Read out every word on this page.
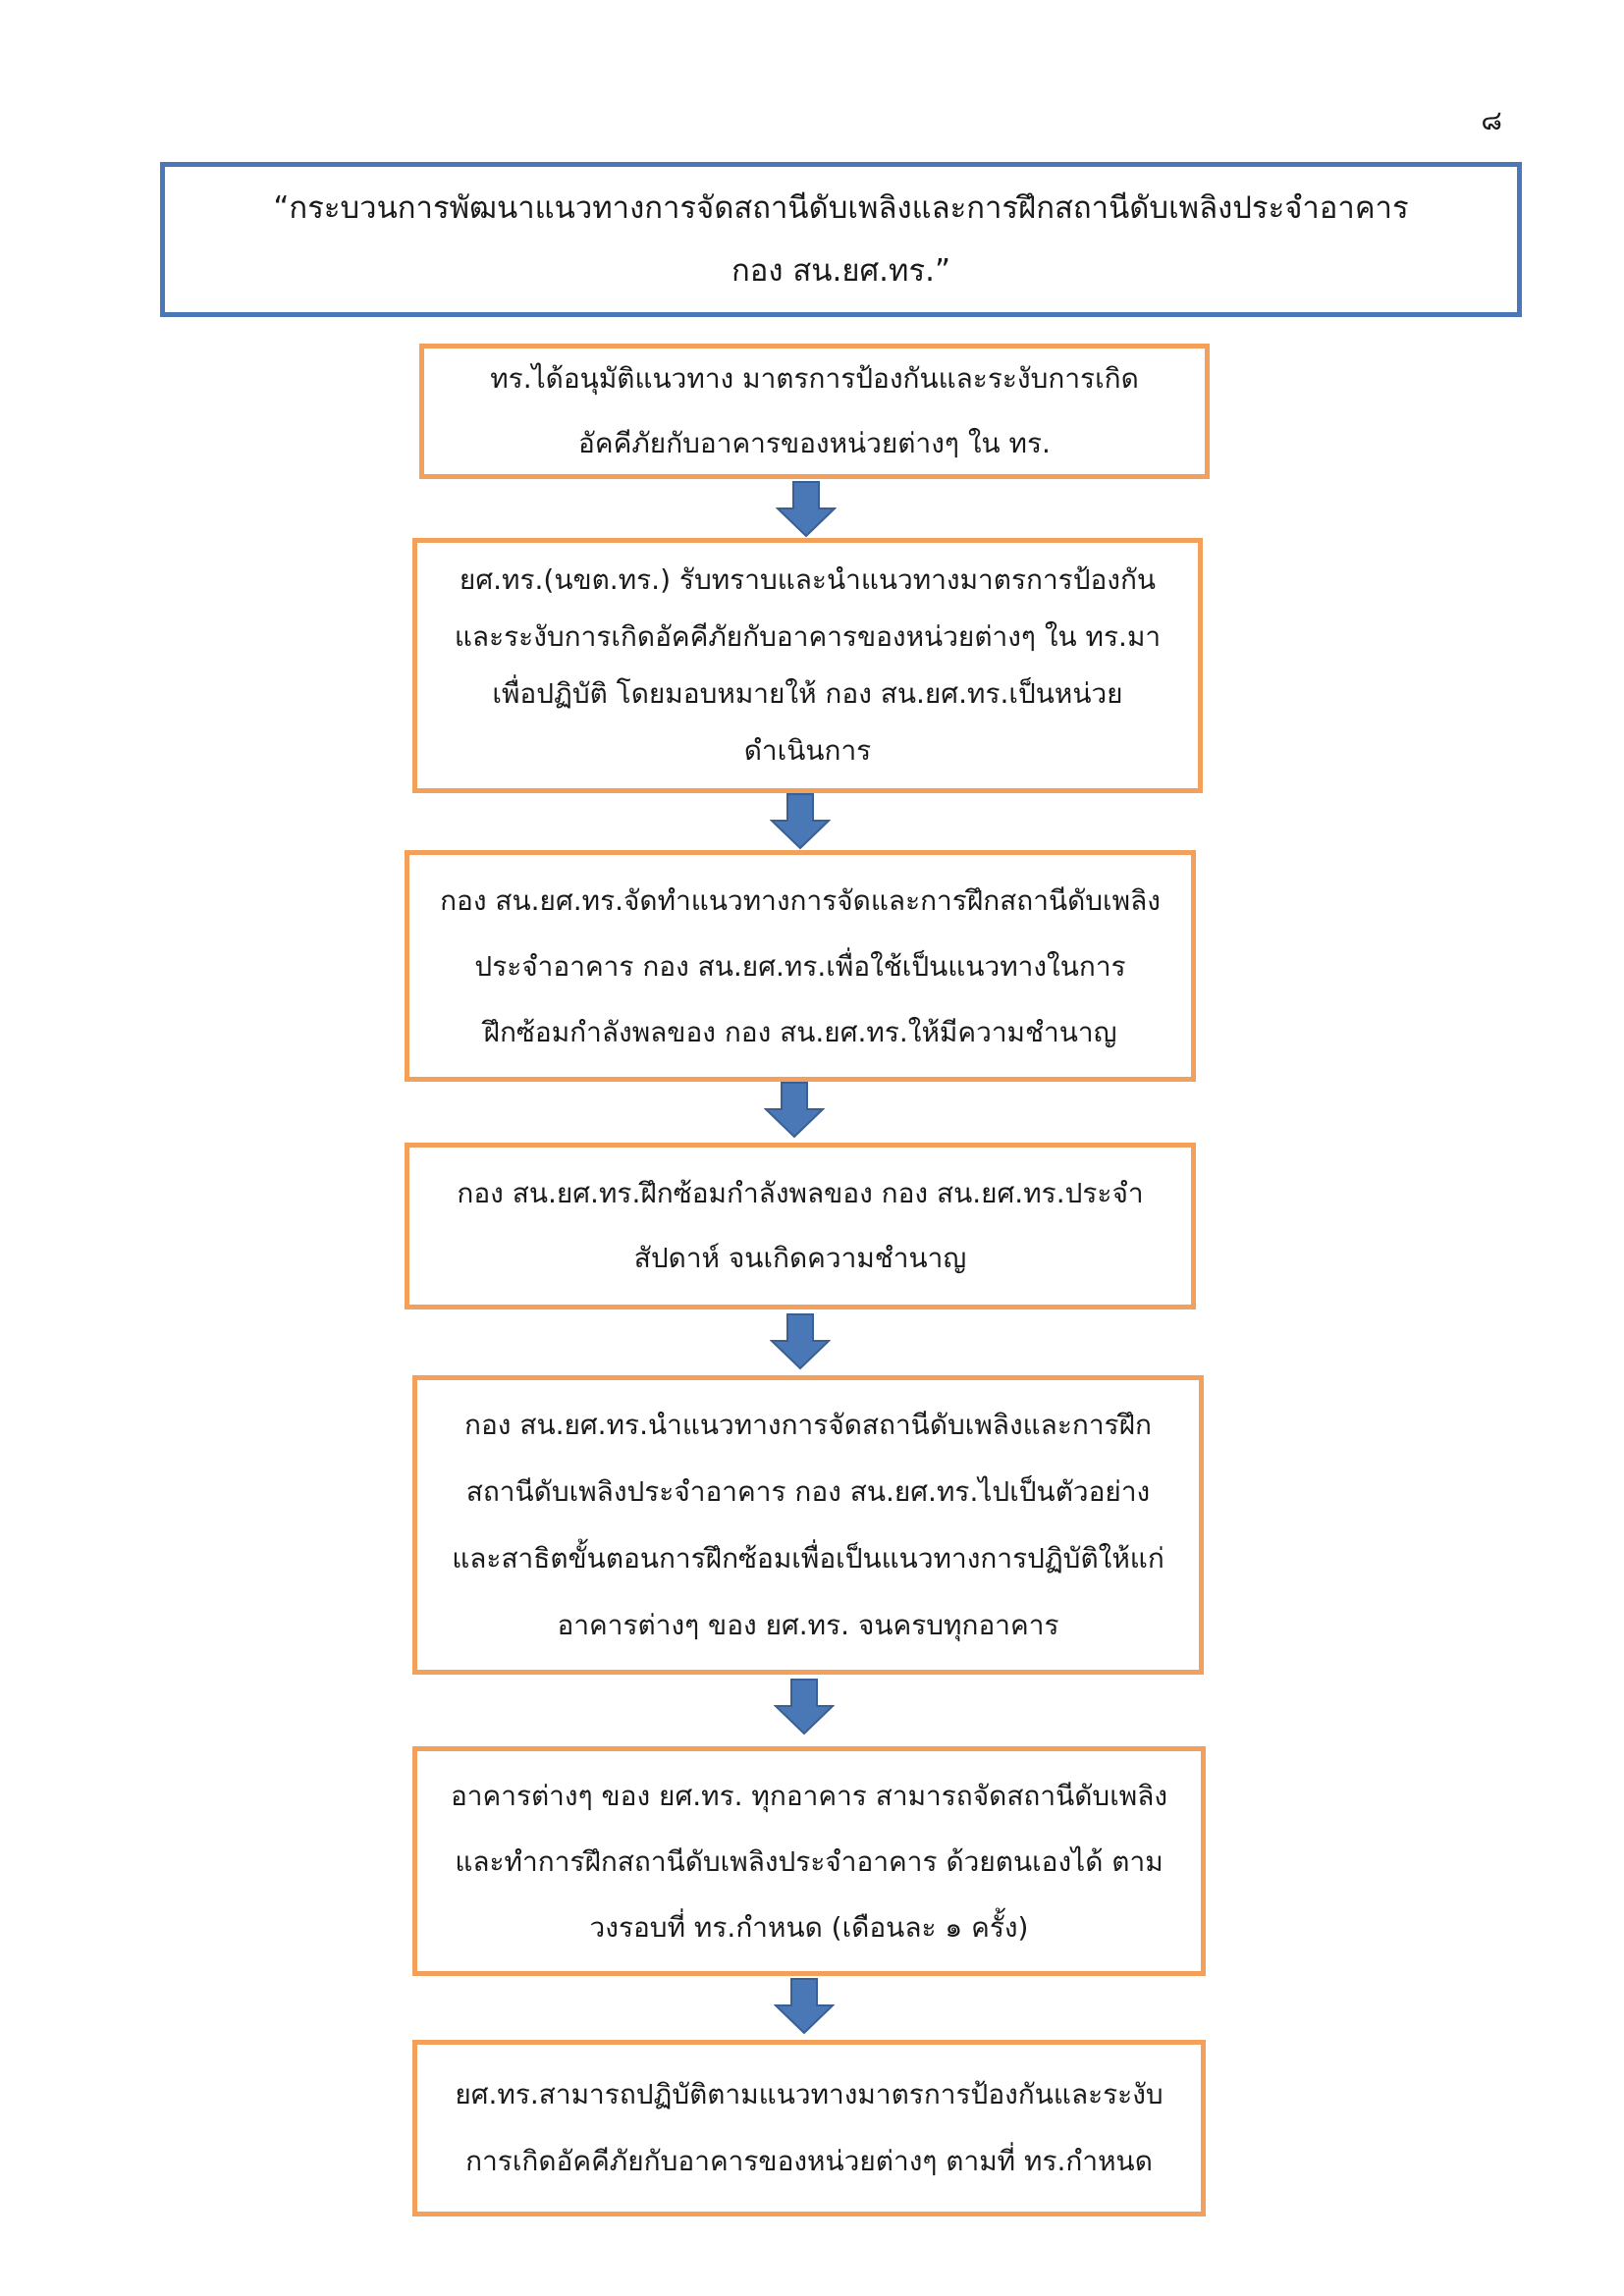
๘
“กระบวนการพัฒนาแนวทางการจัดสถานีดับเพลิงและการฝึกสถานีดับเพลิงประจำอาคาร
กอง สน.ยศ.ทร.”
ทร.ได้อนุมัติแนวทาง มาตรการป้องกันและระงับการเกิด
อัคคีภัยกับอาคารของหน่วยต่างๆ ใน ทร.
ยศ.ทร.(นขต.ทร.) รับทราบและนำแนวทางมาตรการป้องกัน
และระงับการเกิดอัคคีภัยกับอาคารของหน่วยต่างๆ ใน ทร.มา
เพื่อปฏิบัติ โดยมอบหมายให้ กอง สน.ยศ.ทร.เป็นหน่วย
ดำเนินการ
กอง สน.ยศ.ทร.จัดทำแนวทางการจัดและการฝึกสถานีดับเพลิง
ประจำอาคาร กอง สน.ยศ.ทร.เพื่อใช้เป็นแนวทางในการ
ฝึกซ้อมกำลังพลของ กอง สน.ยศ.ทร.ให้มีความชำนาญ
กอง สน.ยศ.ทร.ฝึกซ้อมกำลังพลของ กอง สน.ยศ.ทร.ประจำ
สัปดาห์ จนเกิดความชำนาญ
กอง สน.ยศ.ทร.นำแนวทางการจัดสถานีดับเพลิงและการฝึก
สถานีดับเพลิงประจำอาคาร กอง สน.ยศ.ทร.ไปเป็นตัวอย่าง
และสาธิตขั้นตอนการฝึกซ้อมเพื่อเป็นแนวทางการปฏิบัติให้แก่
อาคารต่างๆ ของ ยศ.ทร. จนครบทุกอาคาร
อาคารต่างๆ ของ ยศ.ทร. ทุกอาคาร สามารถจัดสถานีดับเพลิง
และทำการฝึกสถานีดับเพลิงประจำอาคาร ด้วยตนเองได้ ตาม
วงรอบที่ ทร.กำหนด (เดือนละ ๑ ครั้ง)
ยศ.ทร.สามารถปฏิบัติตามแนวทางมาตรการป้องกันและระงับ
การเกิดอัคคีภัยกับอาคารของหน่วยต่างๆ ตามที่ ทร.กำหนด
